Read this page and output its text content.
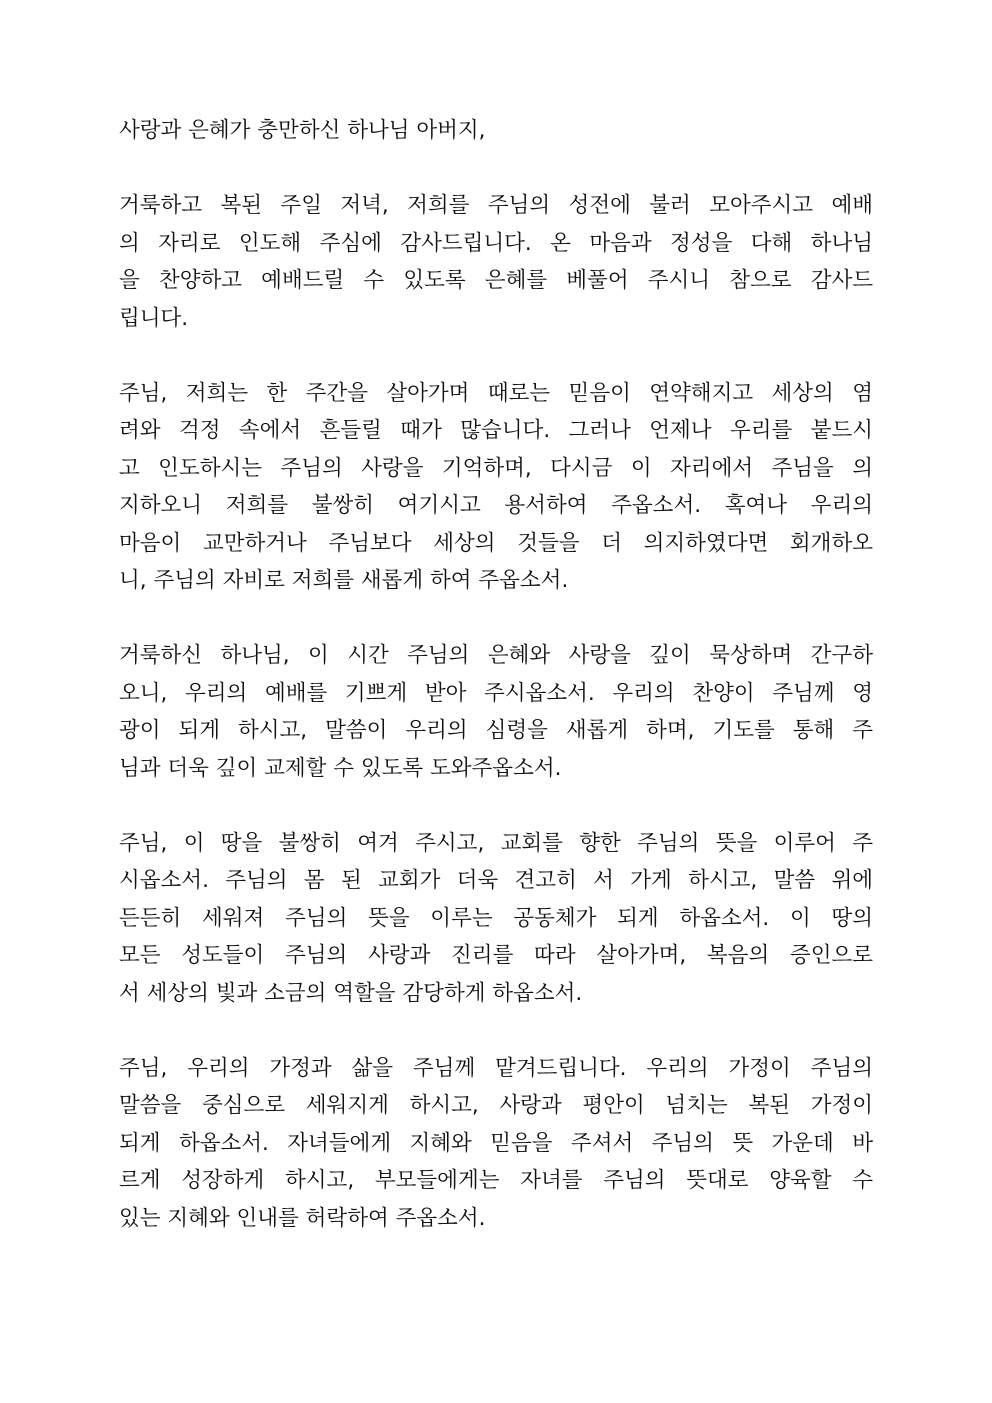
사랑과 은혜가 충만하신 하나님 아버지,
거룩하고 복된 주일 저녁, 저희를 주님의 성전에 불러 모아주시고 예배
의 자리로 인도해 주심에 감사드립니다. 온 마음과 정성을 다해 하나님
을 찬양하고 예배드릴 수 있도록 은혜를 베풀어 주시니 참으로 감사드
립니다.
주님, 저희는 한 주간을 살아가며 때로는 믿음이 연약해지고 세상의 염
려와 걱정 속에서 흔들릴 때가 많습니다. 그러나 언제나 우리를 붙드시
고 인도하시는 주님의 사랑을 기억하며, 다시금 이 자리에서 주님을 의
지하오니 저희를 불쌍히 여기시고 용서하여 주옵소서. 혹여나 우리의
마음이 교만하거나 주님보다 세상의 것들을 더 의지하였다면 회개하오
니, 주님의 자비로 저희를 새롭게 하여 주옵소서.
거룩하신 하나님, 이 시간 주님의 은혜와 사랑을 깊이 묵상하며 간구하
오니, 우리의 예배를 기쁘게 받아 주시옵소서. 우리의 찬양이 주님께 영
광이 되게 하시고, 말씀이 우리의 심령을 새롭게 하며, 기도를 통해 주
님과 더욱 깊이 교제할 수 있도록 도와주옵소서.
주님, 이 땅을 불쌍히 여겨 주시고, 교회를 향한 주님의 뜻을 이루어 주
시옵소서. 주님의 몸 된 교회가 더욱 견고히 서 가게 하시고, 말씀 위에
든든히 세워져 주님의 뜻을 이루는 공동체가 되게 하옵소서. 이 땅의
모든 성도들이 주님의 사랑과 진리를 따라 살아가며, 복음의 증인으로
서 세상의 빛과 소금의 역할을 감당하게 하옵소서.
주님, 우리의 가정과 삶을 주님께 맡겨드립니다. 우리의 가정이 주님의
말씀을 중심으로 세워지게 하시고, 사랑과 평안이 넘치는 복된 가정이
되게 하옵소서. 자녀들에게 지혜와 믿음을 주셔서 주님의 뜻 가운데 바
르게 성장하게 하시고, 부모들에게는 자녀를 주님의 뜻대로 양육할 수
있는 지혜와 인내를 허락하여 주옵소서.
